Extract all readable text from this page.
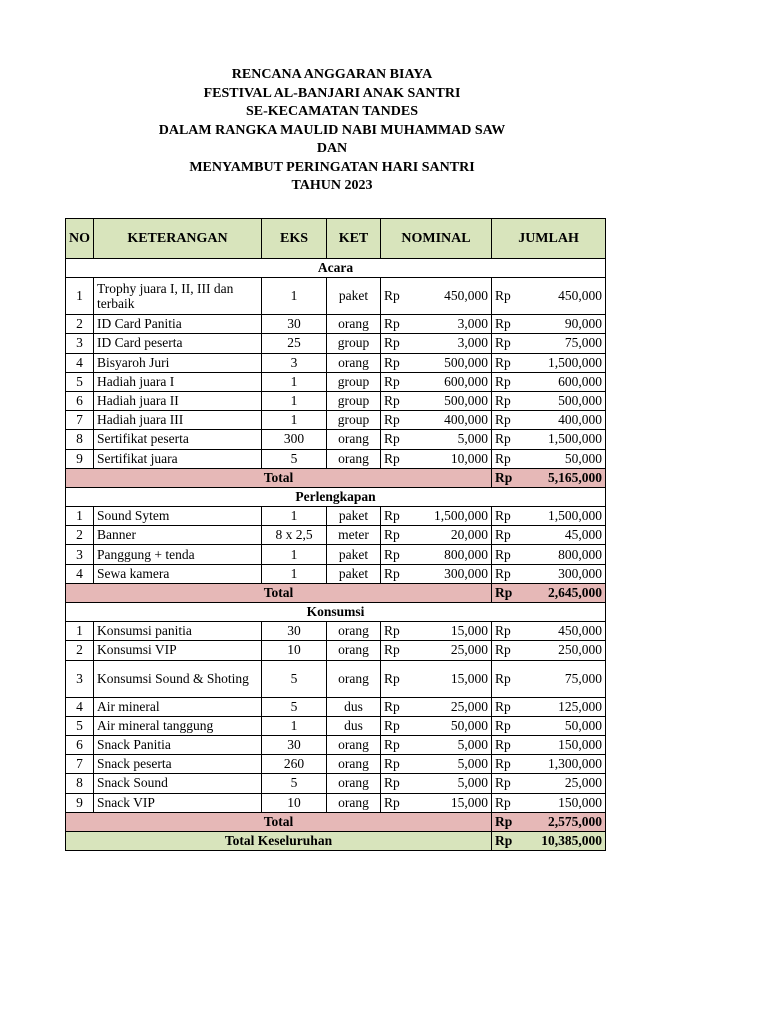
RENCANA ANGGARAN BIAYA
FESTIVAL AL-BANJARI ANAK SANTRI
SE-KECAMATAN TANDES
DALAM RANGKA MAULID NABI MUHAMMAD SAW
DAN
MENYAMBUT PERINGATAN HARI SANTRI
TAHUN 2023
NO	KETERANGAN	EKS	KET	NOMINAL		JUMLAH	
Acara							
1	Trophy juara I, II, III dan terbaik	1	paket	Rp	450,000	Rp	450,000
2	ID Card Panitia	30	orang	Rp	3,000	Rp	90,000
3	ID Card peserta	25	group	Rp	3,000	Rp	75,000
4	Bisyaroh Juri	3	orang	Rp	500,000	Rp	1,500,000
5	Hadiah juara I	1	group	Rp	600,000	Rp	600,000
6	Hadiah juara II	1	group	Rp	500,000	Rp	500,000
7	Hadiah juara III	1	group	Rp	400,000	Rp	400,000
8	Sertifikat peserta	300	orang	Rp	5,000	Rp	1,500,000
9	Sertifikat juara	5	orang	Rp	10,000	Rp	50,000
Total						Rp	5,165,000
Perlengkapan							
1	Sound Sytem	1	paket	Rp	1,500,000	Rp	1,500,000
2	Banner	8 x 2,5	meter	Rp	20,000	Rp	45,000
3	Panggung + tenda	1	paket	Rp	800,000	Rp	800,000
4	Sewa kamera	1	paket	Rp	300,000	Rp	300,000
Total						Rp	2,645,000
Konsumsi							
1	Konsumsi panitia	30	orang	Rp	15,000	Rp	450,000
2	Konsumsi VIP	10	orang	Rp	25,000	Rp	250,000
3	Konsumsi Sound & Shoting	5	orang	Rp	15,000	Rp	75,000
4	Air mineral	5	dus	Rp	25,000	Rp	125,000
5	Air mineral tanggung	1	dus	Rp	50,000	Rp	50,000
6	Snack Panitia	30	orang	Rp	5,000	Rp	150,000
7	Snack peserta	260	orang	Rp	5,000	Rp	1,300,000
8	Snack Sound	5	orang	Rp	5,000	Rp	25,000
9	Snack VIP	10	orang	Rp	15,000	Rp	150,000
Total						Rp	2,575,000
Total Keseluruhan						Rp	10,385,000
